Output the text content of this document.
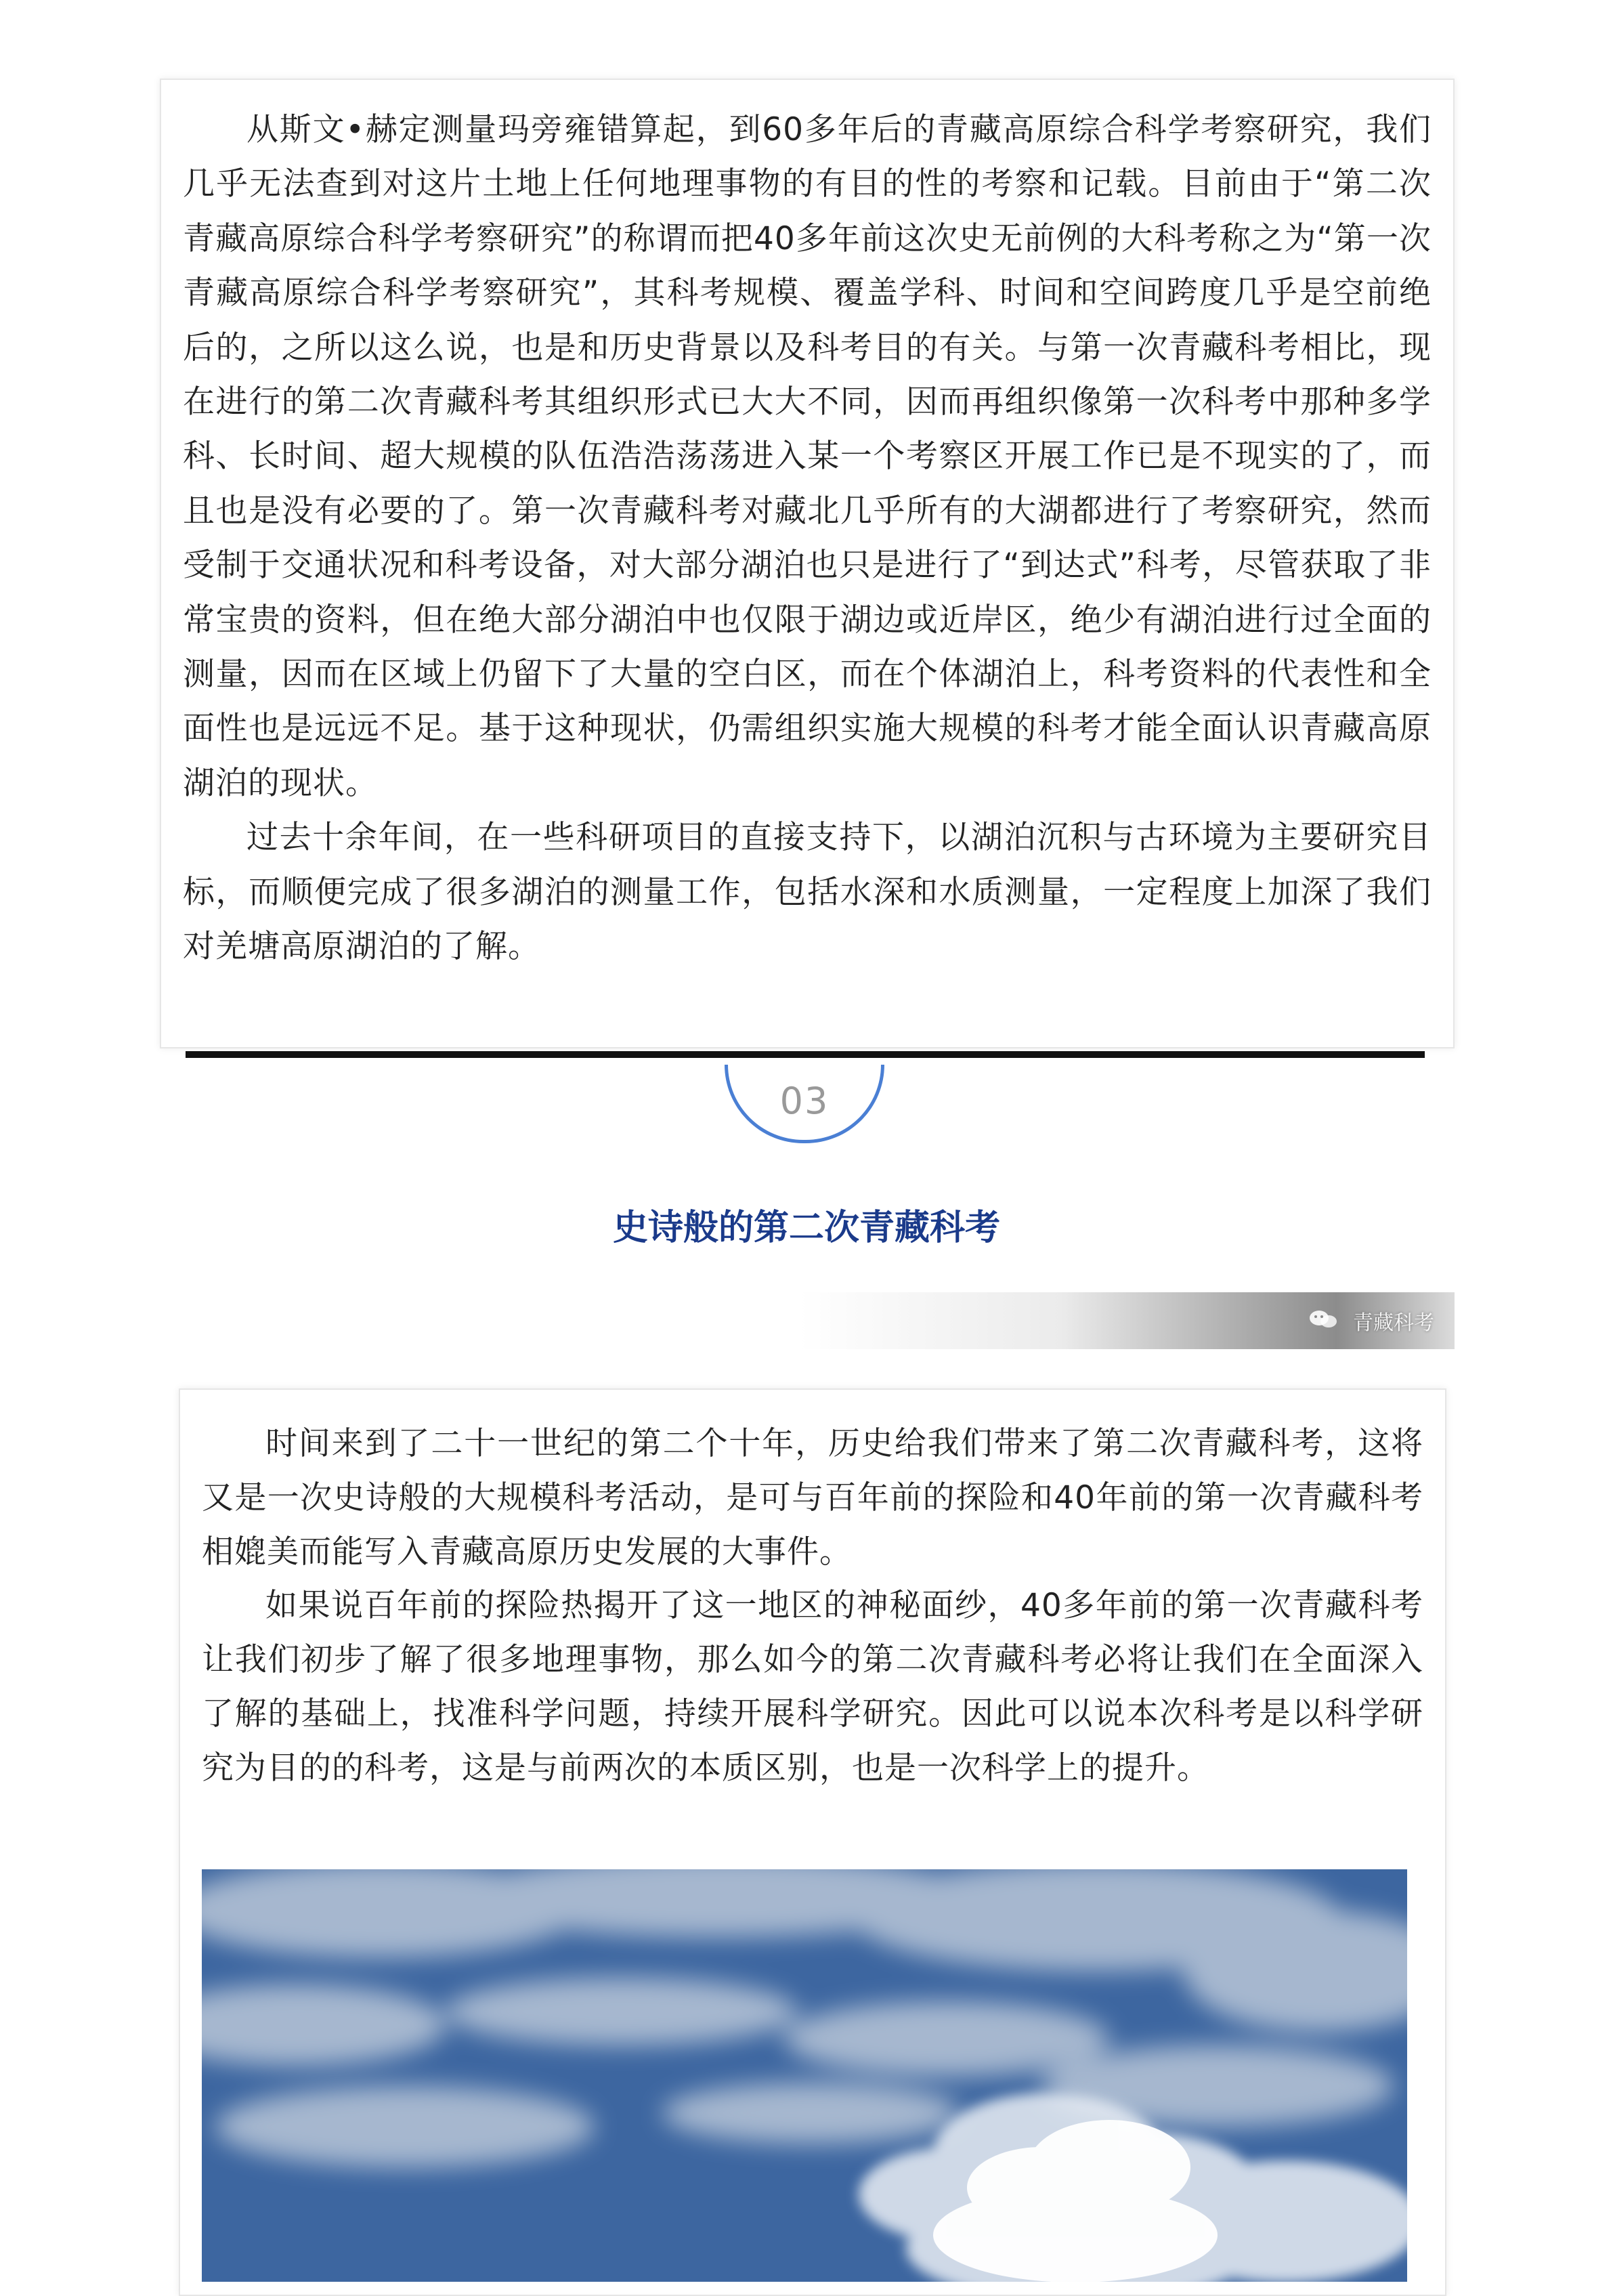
从斯文•赫定测量玛旁雍错算起，到60多年后的青藏高原综合科学考察研究，我们几乎无法查到对这片土地上任何地理事物的有目的性的考察和记载。目前由于“第二次青藏高原综合科学考察研究”的称谓而把40多年前这次史无前例的大科考称之为“第一次青藏高原综合科学考察研究”，其科考规模、覆盖学科、时间和空间跨度几乎是空前绝后的，之所以这么说，也是和历史背景以及科考目的有关。与第一次青藏科考相比，现在进行的第二次青藏科考其组织形式已大大不同，因而再组织像第一次科考中那种多学科、长时间、超大规模的队伍浩浩荡荡进入某一个考察区开展工作已是不现实的了，而且也是没有必要的了。第一次青藏科考对藏北几乎所有的大湖都进行了考察研究，然而受制于交通状况和科考设备，对大部分湖泊也只是进行了“到达式”科考，尽管获取了非常宝贵的资料，但在绝大部分湖泊中也仅限于湖边或近岸区，绝少有湖泊进行过全面的测量，因而在区域上仍留下了大量的空白区，而在个体湖泊上，科考资料的代表性和全面性也是远远不足。基于这种现状，仍需组织实施大规模的科考才能全面认识青藏高原湖泊的现状。

过去十余年间，在一些科研项目的直接支持下，以湖泊沉积与古环境为主要研究目标，而顺便完成了很多湖泊的测量工作，包括水深和水质测量，一定程度上加深了我们对羌塘高原湖泊的了解。

03
史诗般的第二次青藏科考
青藏科考

时间来到了二十一世纪的第二个十年，历史给我们带来了第二次青藏科考，这将又是一次史诗般的大规模科考活动，是可与百年前的探险和40年前的第一次青藏科考相媲美而能写入青藏高原历史发展的大事件。

如果说百年前的探险热揭开了这一地区的神秘面纱，40多年前的第一次青藏科考让我们初步了解了很多地理事物，那么如今的第二次青藏科考必将让我们在全面深入了解的基础上，找准科学问题，持续开展科学研究。因此可以说本次科考是以科学研究为目的的科考，这是与前两次的本质区别，也是一次科学上的提升。
